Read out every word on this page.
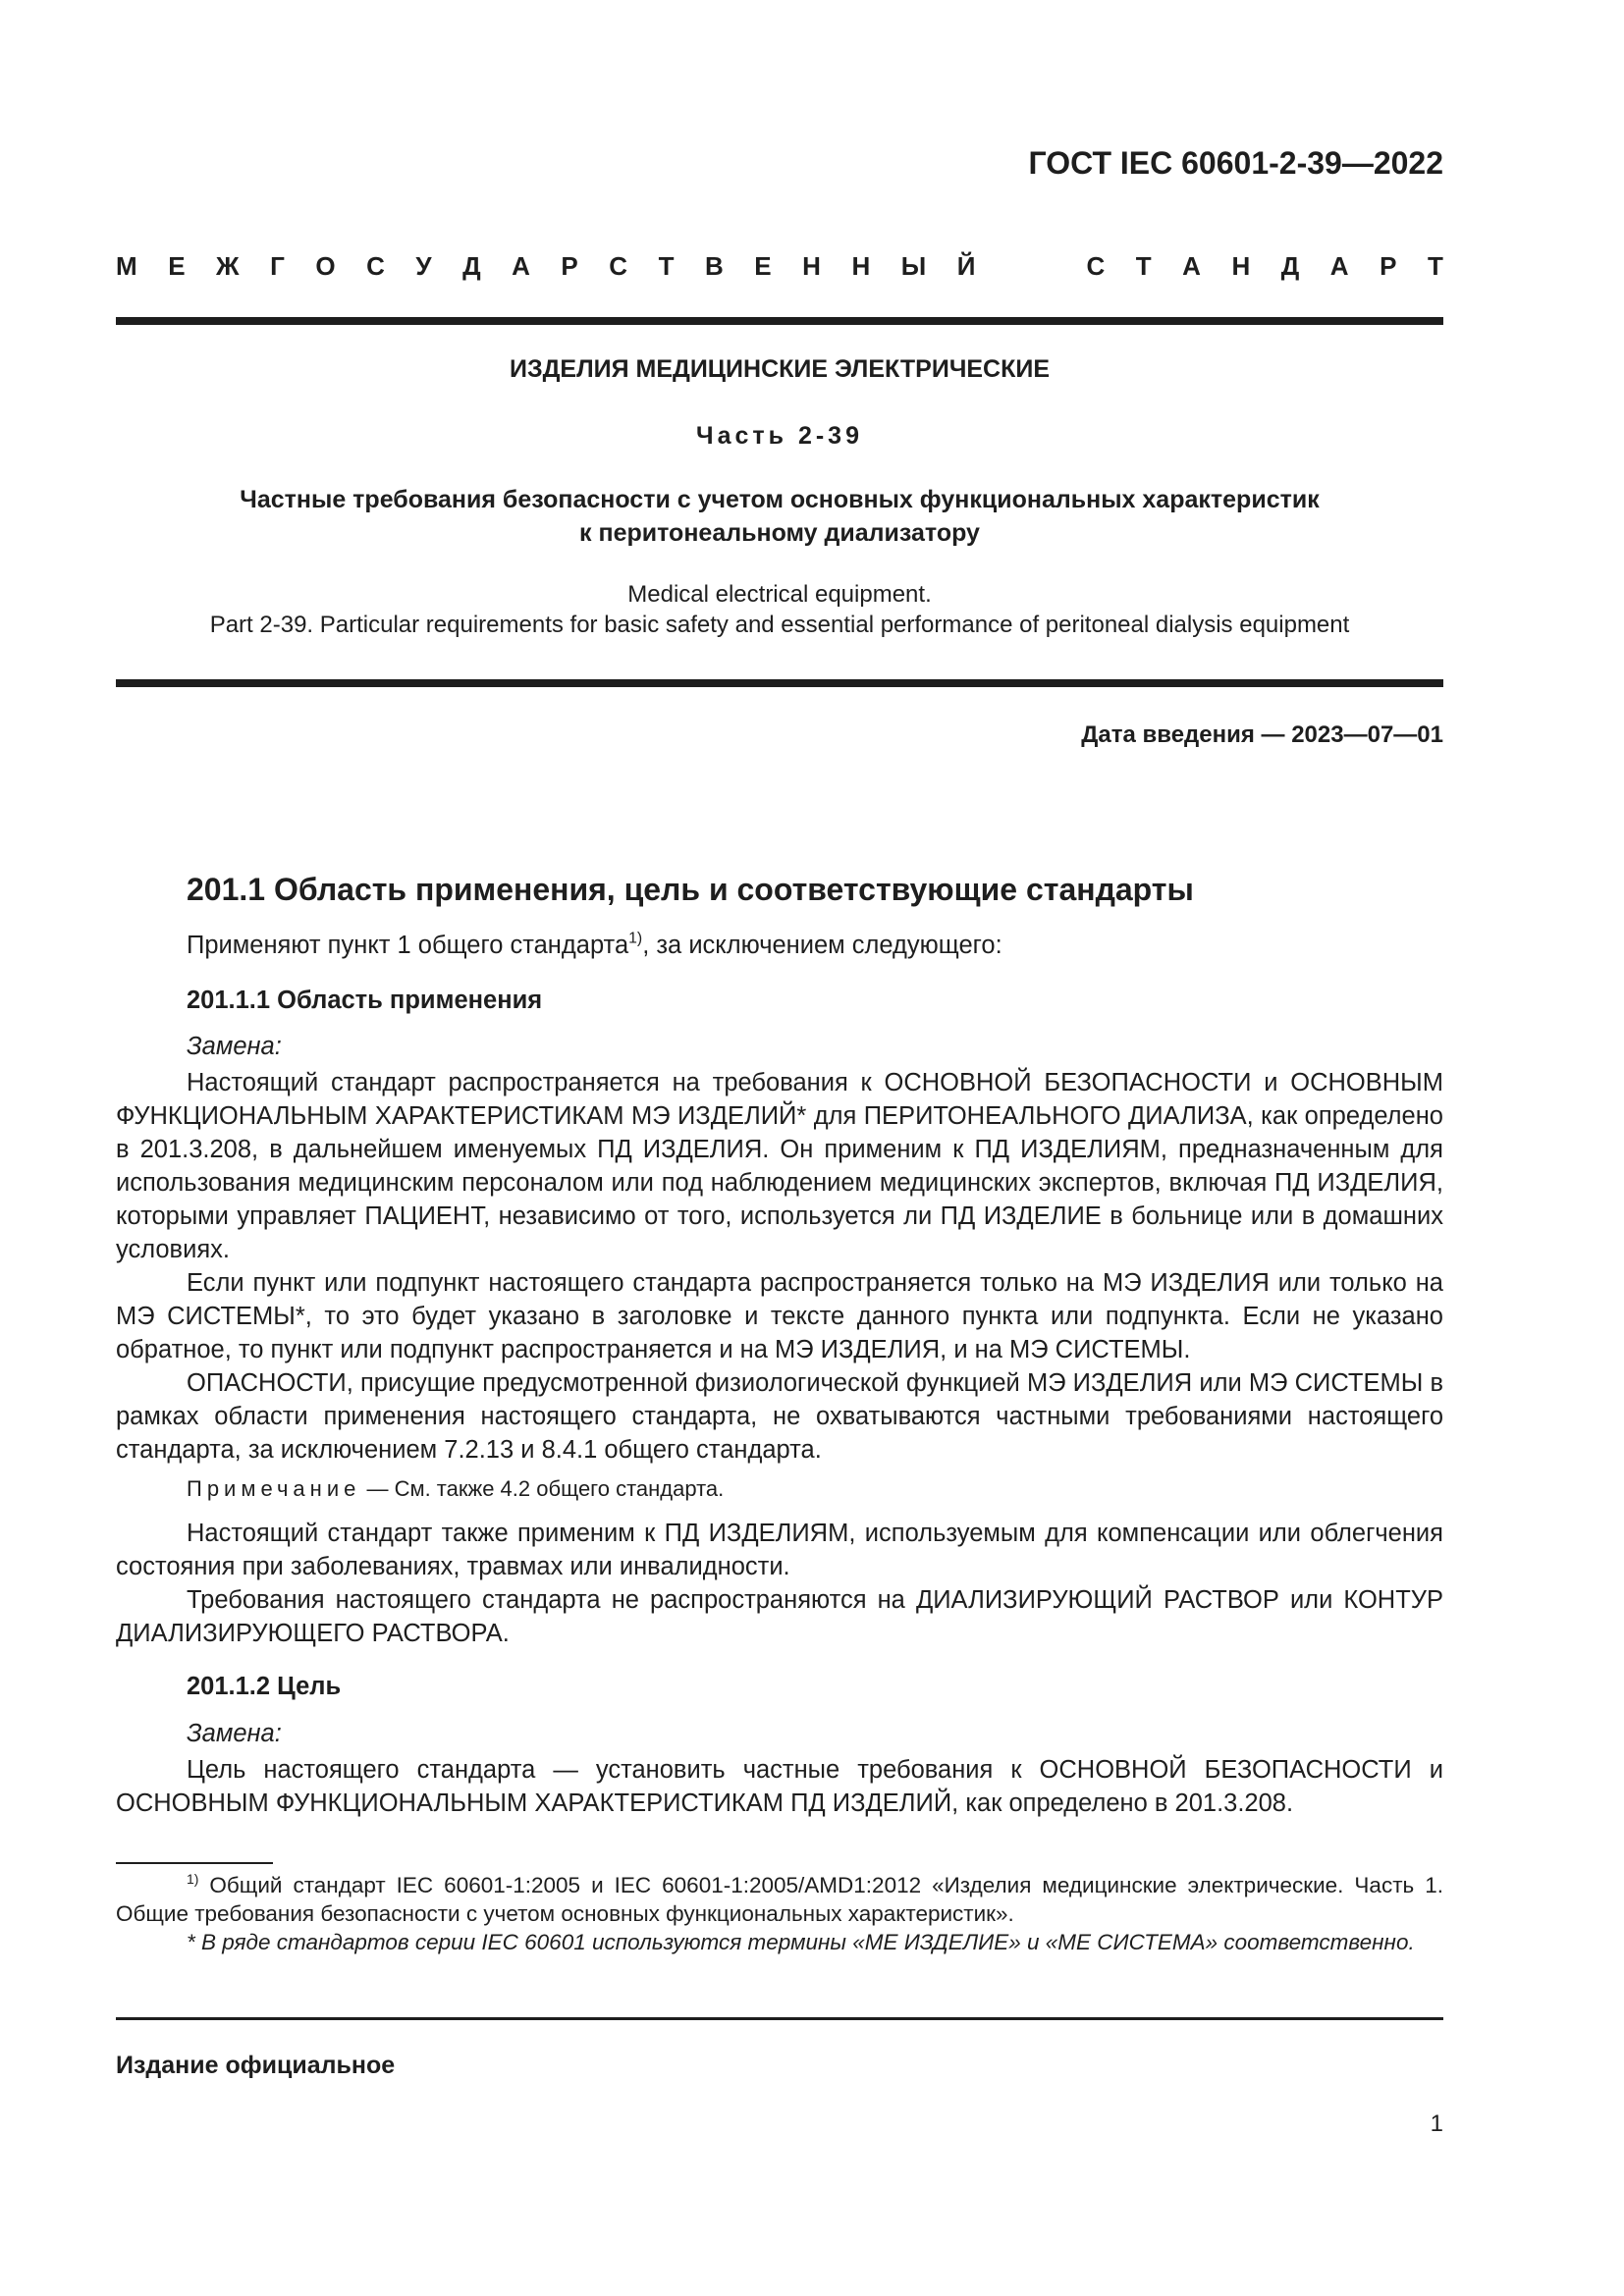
ГОСТ IEC 60601-2-39—2022
М Е Ж Г О С У Д А Р С Т В Е Н Н Ы Й	С Т А Н Д А Р Т
ИЗДЕЛИЯ МЕДИЦИНСКИЕ ЭЛЕКТРИЧЕСКИЕ
Часть 2-39
Частные требования безопасности с учетом основных функциональных характеристик
к перитонеальному диализатору
Medical electrical equipment.
Part 2-39. Particular requirements for basic safety and essential performance of peritoneal dialysis equipment
Дата введения — 2023—07—01
201.1 Область применения, цель и соответствующие стандарты
Применяют пункт 1 общего стандарта$^{1)}$, за исключением следующего:
201.1.1 Область применения
Замена:
Настоящий стандарт распространяется на требования к ОСНОВНОЙ БЕЗОПАСНОСТИ и ОСНОВНЫМ ФУНКЦИОНАЛЬНЫМ ХАРАКТЕРИСТИКАМ МЭ ИЗДЕЛИЙ* для ПЕРИТОНЕАЛЬНОГО ДИАЛИЗА, как определено в 201.3.208, в дальнейшем именуемых ПД ИЗДЕЛИЯ. Он применим к ПД ИЗДЕЛИЯМ, предназначенным для использования медицинским персоналом или под наблюдением медицинских экспертов, включая ПД ИЗДЕЛИЯ, которыми управляет ПАЦИЕНТ, независимо от того, используется ли ПД ИЗДЕЛИЕ в больнице или в домашних условиях.
Если пункт или подпункт настоящего стандарта распространяется только на МЭ ИЗДЕЛИЯ или только на МЭ СИСТЕМЫ*, то это будет указано в заголовке и тексте данного пункта или подпункта. Если не указано обратное, то пункт или подпункт распространяется и на МЭ ИЗДЕЛИЯ, и на МЭ СИСТЕМЫ.
ОПАСНОСТИ, присущие предусмотренной физиологической функцией МЭ ИЗДЕЛИЯ или МЭ СИСТЕМЫ в рамках области применения настоящего стандарта, не охватываются частными требованиями настоящего стандарта, за исключением 7.2.13 и 8.4.1 общего стандарта.
Примечание — См. также 4.2 общего стандарта.
Настоящий стандарт также применим к ПД ИЗДЕЛИЯМ, используемым для компенсации или облегчения состояния при заболеваниях, травмах или инвалидности.
Требования настоящего стандарта не распространяются на ДИАЛИЗИРУЮЩИЙ РАСТВОР или КОНТУР ДИАЛИЗИРУЮЩЕГО РАСТВОРА.
201.1.2 Цель
Замена:
Цель настоящего стандарта — установить частные требования к ОСНОВНОЙ БЕЗОПАСНОСТИ и ОСНОВНЫМ ФУНКЦИОНАЛЬНЫМ ХАРАКТЕРИСТИКАМ ПД ИЗДЕЛИЙ, как определено в 201.3.208.
$^{1)}$ Общий стандарт IEC 60601-1:2005 и IEC 60601-1:2005/AMD1:2012 «Изделия медицинские электрические. Часть 1. Общие требования безопасности с учетом основных функциональных характеристик».
* В ряде стандартов серии IEC 60601 используются термины «ME ИЗДЕЛИЕ» и «ME СИСТЕМА» соответственно.
Издание официальное
1
